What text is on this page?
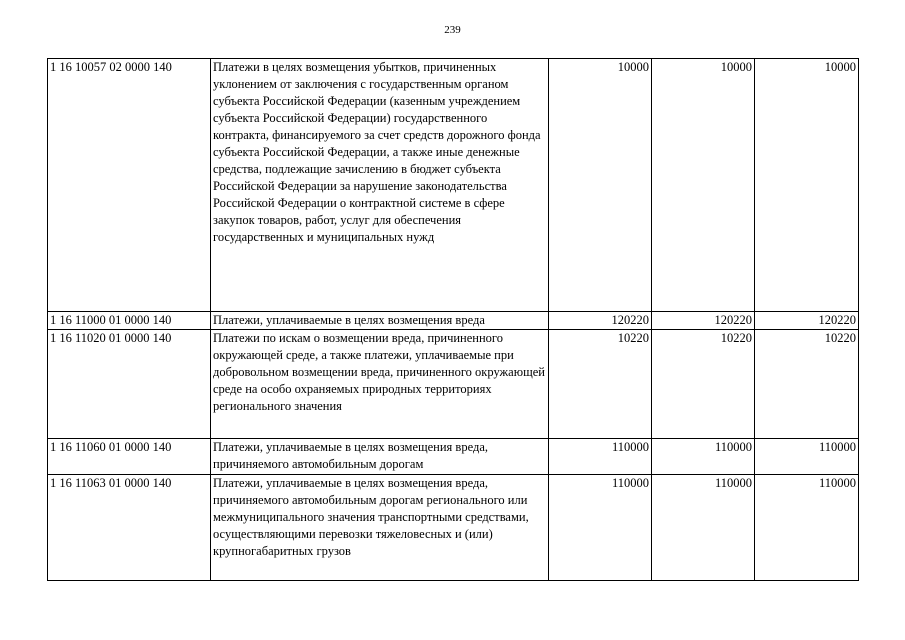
239
1 16 10057 02 0000 140	Платежи в целях возмещения убытков, причиненных уклонением от заключения с государственным органом субъекта Российской Федерации (казенным учреждением субъекта Российской Федерации) государственного контракта, финансируемого за счет средств дорожного фонда субъекта Российской Федерации, а также иные денежные средства, подлежащие зачислению в бюджет субъекта Российской Федерации за нарушение законодательства Российской Федерации о контрактной системе в сфере закупок товаров, работ, услуг для обеспечения государственных и муниципальных нужд	10000	10000	10000
1 16 11000 01 0000 140	Платежи, уплачиваемые в целях возмещения вреда	120220	120220	120220
1 16 11020 01 0000 140	Платежи по искам о возмещении вреда, причиненного окружающей среде, а также платежи, уплачиваемые при добровольном возмещении вреда, причиненного окружающей среде на особо охраняемых природных территориях регионального значения	10220	10220	10220
1 16 11060 01 0000 140	Платежи, уплачиваемые в целях возмещения вреда, причиняемого автомобильным дорогам	110000	110000	110000
1 16 11063 01 0000 140	Платежи, уплачиваемые в целях возмещения вреда, причиняемого автомобильным дорогам регионального или межмуниципального значения транспортными средствами, осуществляющими перевозки тяжеловесных и (или) крупногабаритных грузов	110000	110000	110000
